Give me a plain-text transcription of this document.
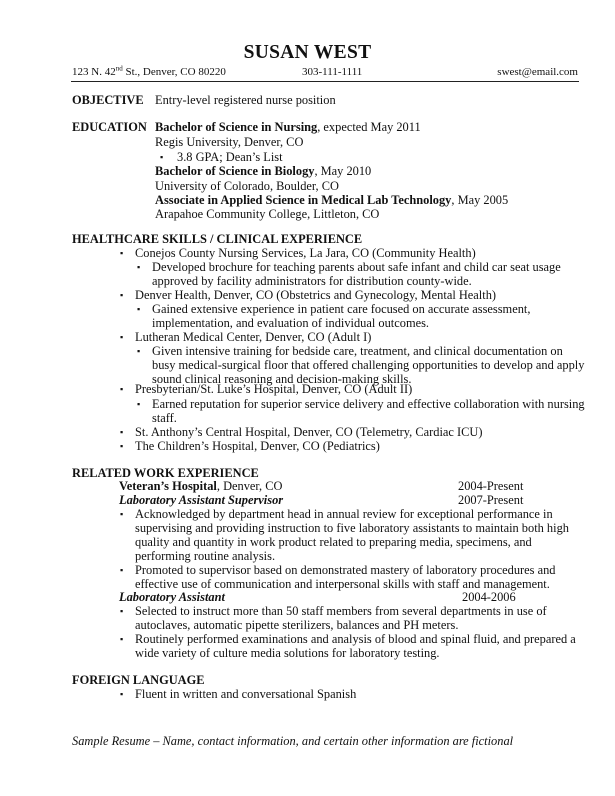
SUSAN WEST
123 N. 42nd St., Denver, CO 80220	303-111-1111	swest@email.com
OBJECTIVE Entry-level registered nurse position
EDUCATION Bachelor of Science in Nursing, expected May 2011
Regis University, Denver, CO
▪ 3.8 GPA; Dean’s List
Bachelor of Science in Biology, May 2010
University of Colorado, Boulder, CO
Associate in Applied Science in Medical Lab Technology, May 2005
Arapahoe Community College, Littleton, CO
HEALTHCARE SKILLS / CLINICAL EXPERIENCE
▪ Conejos County Nursing Services, La Jara, CO (Community Health)
▪ Developed brochure for teaching parents about safe infant and child car seat usage
approved by facility administrators for distribution county-wide.
▪ Denver Health, Denver, CO (Obstetrics and Gynecology, Mental Health)
▪ Gained extensive experience in patient care focused on accurate assessment,
implementation, and evaluation of individual outcomes.
▪ Lutheran Medical Center, Denver, CO (Adult I)
▪ Given intensive training for bedside care, treatment, and clinical documentation on
busy medical-surgical floor that offered challenging opportunities to develop and apply
sound clinical reasoning and decision-making skills.
▪ Presbyterian/St. Luke’s Hospital, Denver, CO (Adult II)
▪ Earned reputation for superior service delivery and effective collaboration with nursing
staff.
▪ St. Anthony’s Central Hospital, Denver, CO (Telemetry, Cardiac ICU)
▪ The Children’s Hospital, Denver, CO (Pediatrics)
RELATED WORK EXPERIENCE
Veteran’s Hospital, Denver, CO	2004-Present
Laboratory Assistant Supervisor	2007-Present
▪ Acknowledged by department head in annual review for exceptional performance in
supervising and providing instruction to five laboratory assistants to maintain both high
quality and quantity in work product related to preparing media, specimens, and
performing routine analysis.
▪ Promoted to supervisor based on demonstrated mastery of laboratory procedures and
effective use of communication and interpersonal skills with staff and management.
Laboratory Assistant	2004-2006
▪ Selected to instruct more than 50 staff members from several departments in use of
autoclaves, automatic pipette sterilizers, balances and PH meters.
▪ Routinely performed examinations and analysis of blood and spinal fluid, and prepared a
wide variety of culture media solutions for laboratory testing.
FOREIGN LANGUAGE
▪ Fluent in written and conversational Spanish
Sample Resume – Name, contact information, and certain other information are fictional
